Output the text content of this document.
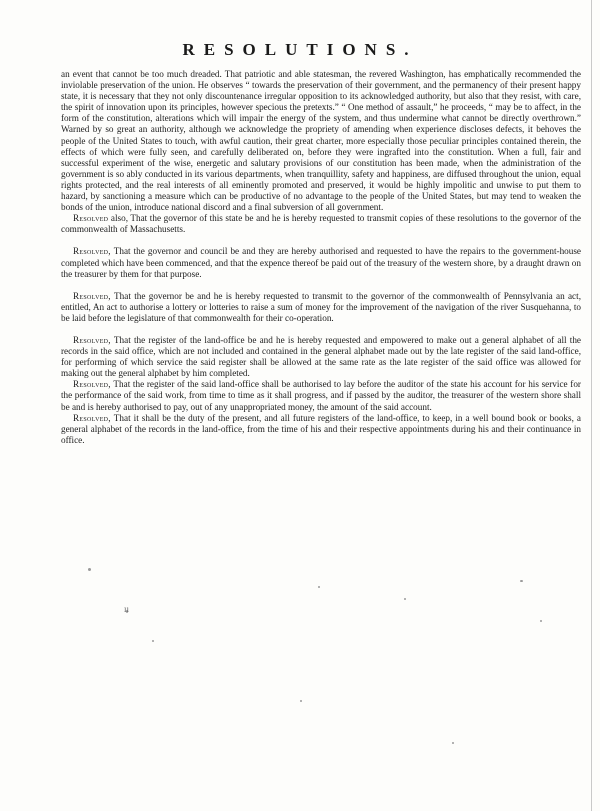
RESOLUTIONS.

an event that cannot be too much dreaded. That patriotic and able statesman, the revered Washington, has emphatically recommended the inviolable preservation of the union. He observes “ towards the preservation of their government, and the permanency of their present happy state, it is necessary that they not only discountenance irregular opposition to its acknowledged authority, but also that they resist, with care, the spirit of innovation upon its principles, however specious the pretexts.” “ One method of assault,” he proceeds, “ may be to affect, in the form of the constitution, alterations which will impair the energy of the system, and thus undermine what cannot be directly overthrown.” Warned by so great an authority, although we acknowledge the propriety of amending when experience discloses defects, it behoves the people of the United States to touch, with awful caution, their great charter, more especially those peculiar principles contained therein, the effects of which were fully seen, and carefully deliberated on, before they were ingrafted into the constitution. When a full, fair and successful experiment of the wise, energetic and salutary provisions of our constitution has been made, when the administration of the government is so ably conducted in its various departments, when tranquillity, safety and happiness, are diffused throughout the union, equal rights protected, and the real interests of all eminently promoted and preserved, it would be highly impolitic and unwise to put them to hazard, by sanctioning a measure which can be productive of no advantage to the people of the United States, but may tend to weaken the bonds of the union, introduce national discord and a final subversion of all government.

Resolved also, That the governor of this state be and he is hereby requested to transmit copies of these resolutions to the governor of the commonwealth of Massachusetts.

Resolved, That the governor and council be and they are hereby authorised and requested to have the repairs to the government-house completed which have been commenced, and that the expence thereof be paid out of the treasury of the western shore, by a draught drawn on the treasurer by them for that purpose.

Resolved, That the governor be and he is hereby requested to transmit to the governor of the commonwealth of Pennsylvania an act, entitled, An act to authorise a lottery or lotteries to raise a sum of money for the improvement of the navigation of the river Susquehanna, to be laid before the legislature of that commonwealth for their co-operation.

Resolved, That the register of the land-office be and he is hereby requested and empowered to make out a general alphabet of all the records in the said office, which are not included and contained in the general alphabet made out by the late register of the said land-office, for performing of which service the said register shall be allowed at the same rate as the late register of the said office was allowed for making out the general alphabet by him completed.

Resolved, That the register of the said land-office shall be authorised to lay before the auditor of the state his account for his service for the performance of the said work, from time to time as it shall progress, and if passed by the auditor, the treasurer of the western shore shall be and is hereby authorised to pay, out of any unappropriated money, the amount of the said account.

Resolved, That it shall be the duty of the present, and all future registers of the land-office, to keep, in a well bound book or books, a general alphabet of the records in the land-office, from the time of his and their respective appointments during his and their continuance in office.

ıı
